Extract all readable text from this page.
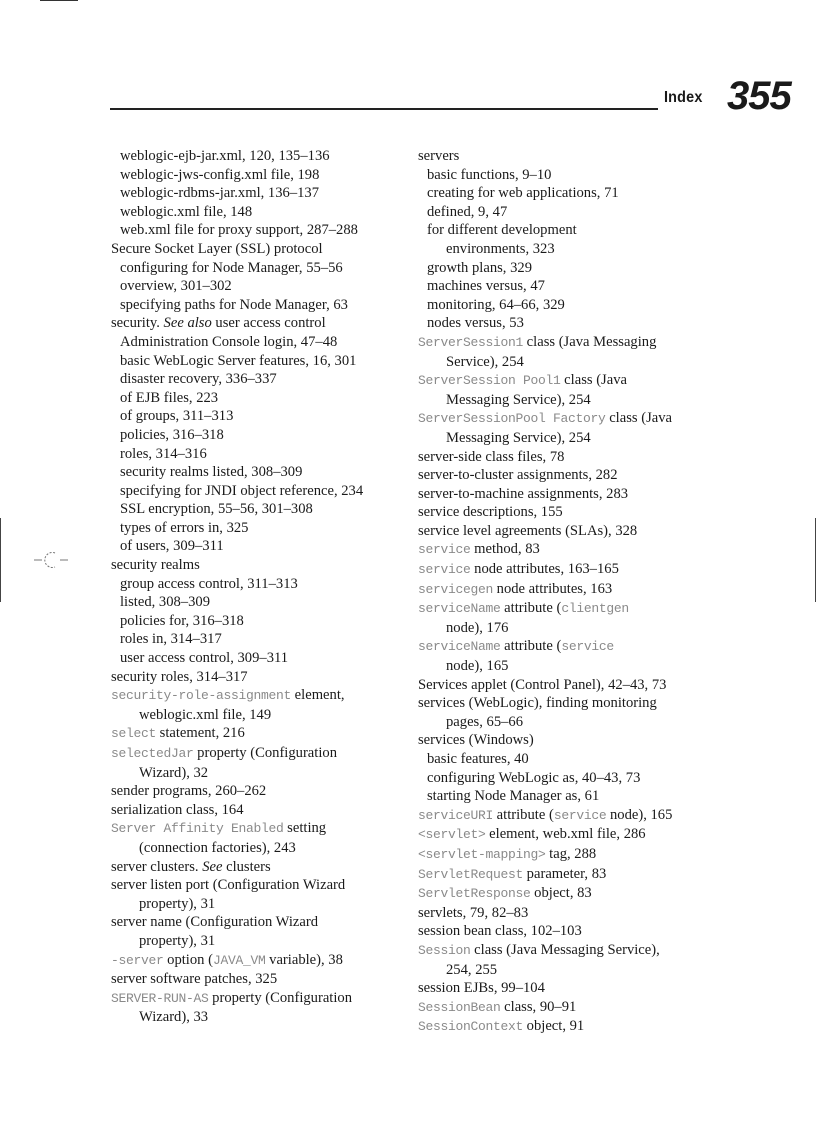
Index 355
weblogic-ejb-jar.xml, 120, 135–136
weblogic-jws-config.xml file, 198
weblogic-rdbms-jar.xml, 136–137
weblogic.xml file, 148
web.xml file for proxy support, 287–288
Secure Socket Layer (SSL) protocol
configuring for Node Manager, 55–56
overview, 301–302
specifying paths for Node Manager, 63
security. See also user access control
Administration Console login, 47–48
basic WebLogic Server features, 16, 301
disaster recovery, 336–337
of EJB files, 223
of groups, 311–313
policies, 316–318
roles, 314–316
security realms listed, 308–309
specifying for JNDI object reference, 234
SSL encryption, 55–56, 301–308
types of errors in, 325
of users, 309–311
security realms
group access control, 311–313
listed, 308–309
policies for, 316–318
roles in, 314–317
user access control, 309–311
security roles, 314–317
security-role-assignment element,
weblogic.xml file, 149
select statement, 216
selectedJar property (Configuration
Wizard), 32
sender programs, 260–262
serialization class, 164
Server Affinity Enabled setting
(connection factories), 243
server clusters. See clusters
server listen port (Configuration Wizard
property), 31
server name (Configuration Wizard
property), 31
-server option (JAVA_VM variable), 38
server software patches, 325
SERVER-RUN-AS property (Configuration
Wizard), 33
servers
basic functions, 9–10
creating for web applications, 71
defined, 9, 47
for different development
environments, 323
growth plans, 329
machines versus, 47
monitoring, 64–66, 329
nodes versus, 53
ServerSession1 class (Java Messaging
Service), 254
ServerSession Pool1 class (Java
Messaging Service), 254
ServerSessionPool Factory class (Java
Messaging Service), 254
server-side class files, 78
server-to-cluster assignments, 282
server-to-machine assignments, 283
service descriptions, 155
service level agreements (SLAs), 328
service method, 83
service node attributes, 163–165
servicegen node attributes, 163
serviceName attribute (clientgen
node), 176
serviceName attribute (service
node), 165
Services applet (Control Panel), 42–43, 73
services (WebLogic), finding monitoring
pages, 65–66
services (Windows)
basic features, 40
configuring WebLogic as, 40–43, 73
starting Node Manager as, 61
serviceURI attribute (service node), 165
<servlet> element, web.xml file, 286
<servlet-mapping> tag, 288
ServletRequest parameter, 83
ServletResponse object, 83
servlets, 79, 82–83
session bean class, 102–103
Session class (Java Messaging Service),
254, 255
session EJBs, 99–104
SessionBean class, 90–91
SessionContext object, 91
